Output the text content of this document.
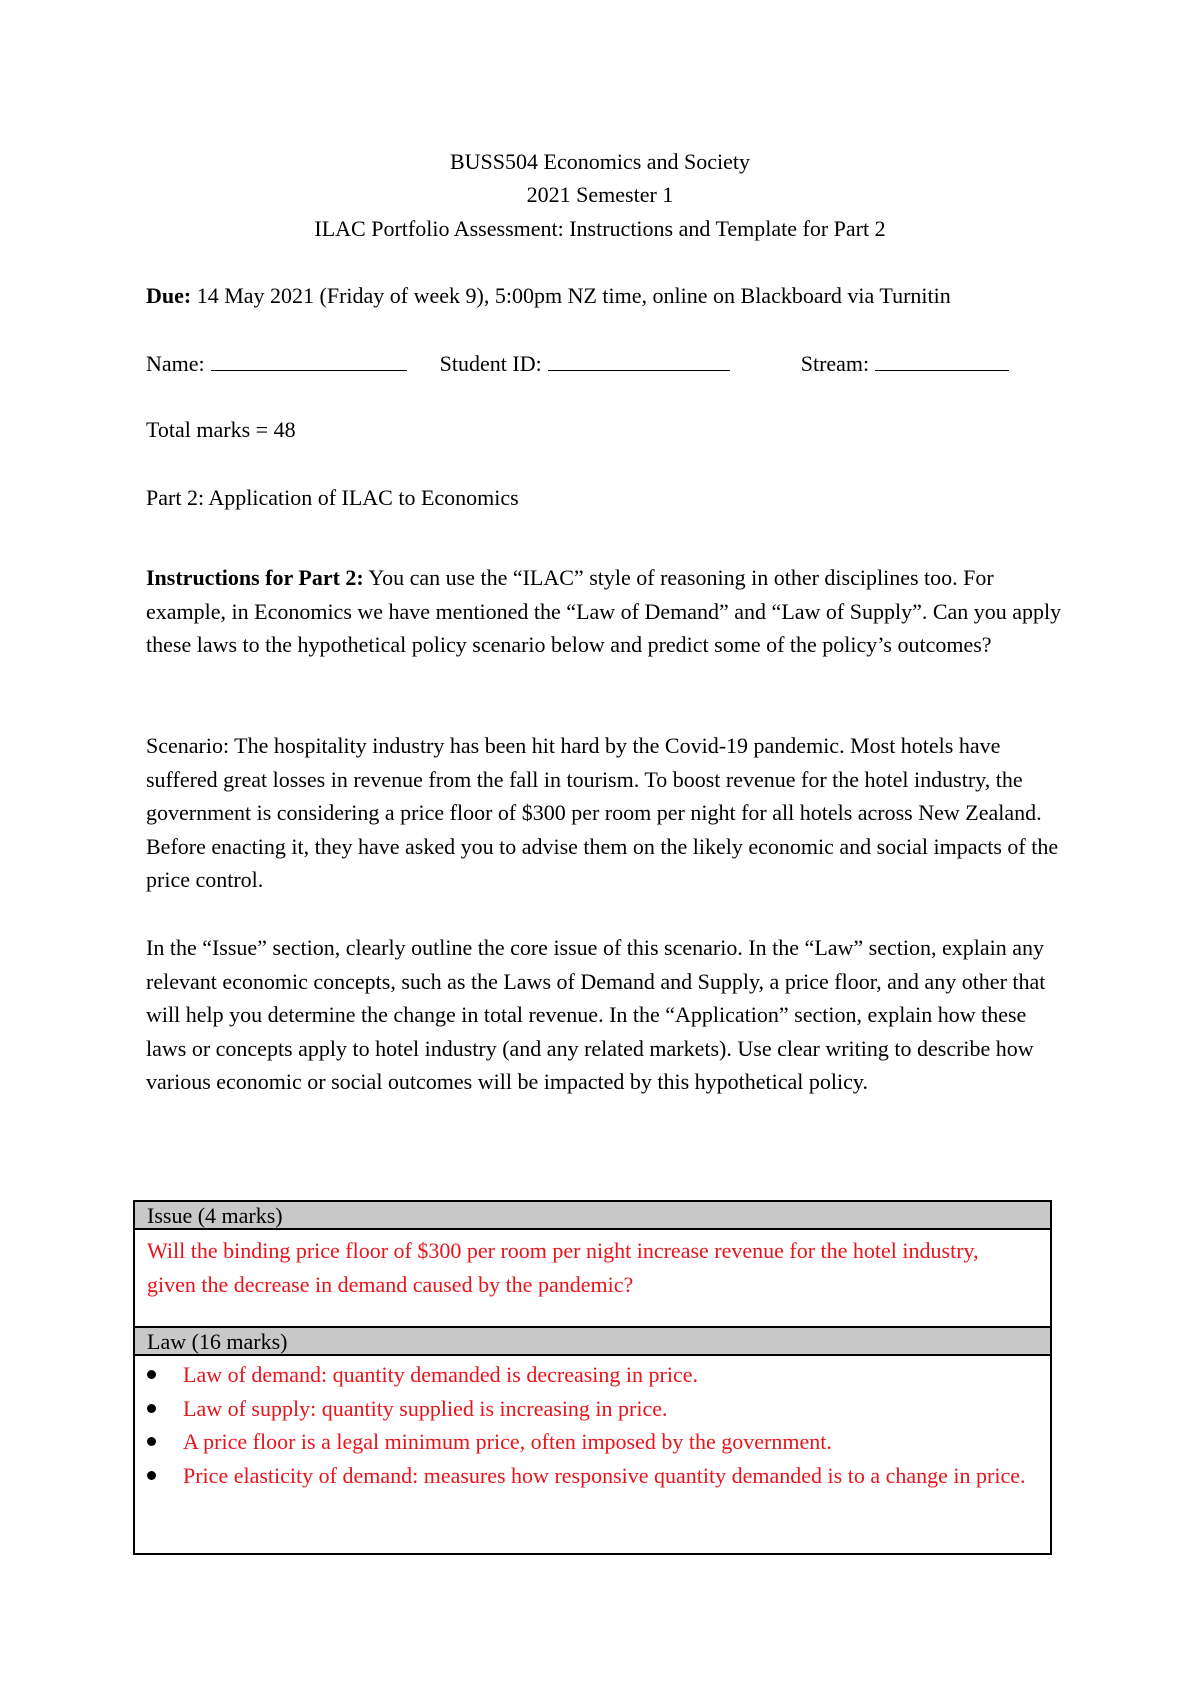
BUSS504 Economics and Society
2021 Semester 1
ILAC Portfolio Assessment: Instructions and Template for Part 2
Due: 14 May 2021 (Friday of week 9), 5:00pm NZ time, online on Blackboard via Turnitin
Name:	Student ID:	Stream:
Total marks = 48
Part 2: Application of ILAC to Economics
Instructions for Part 2: You can use the “ILAC” style of reasoning in other disciplines too. For example, in Economics we have mentioned the “Law of Demand” and “Law of Supply”. Can you apply these laws to the hypothetical policy scenario below and predict some of the policy’s outcomes?
Scenario: The hospitality industry has been hit hard by the Covid-19 pandemic. Most hotels have suffered great losses in revenue from the fall in tourism. To boost revenue for the hotel industry, the government is considering a price floor of $300 per room per night for all hotels across New Zealand. Before enacting it, they have asked you to advise them on the likely economic and social impacts of the price control.
In the “Issue” section, clearly outline the core issue of this scenario. In the “Law” section, explain any relevant economic concepts, such as the Laws of Demand and Supply, a price floor, and any other that will help you determine the change in total revenue. In the “Application” section, explain how these laws or concepts apply to hotel industry (and any related markets). Use clear writing to describe how various economic or social outcomes will be impacted by this hypothetical policy.
Issue (4 marks)
Will the binding price floor of $300 per room per night increase revenue for the hotel industry, given the decrease in demand caused by the pandemic?
Law (16 marks)
Law of demand: quantity demanded is decreasing in price.
Law of supply: quantity supplied is increasing in price.
A price floor is a legal minimum price, often imposed by the government.
Price elasticity of demand: measures how responsive quantity demanded is to a change in price.
